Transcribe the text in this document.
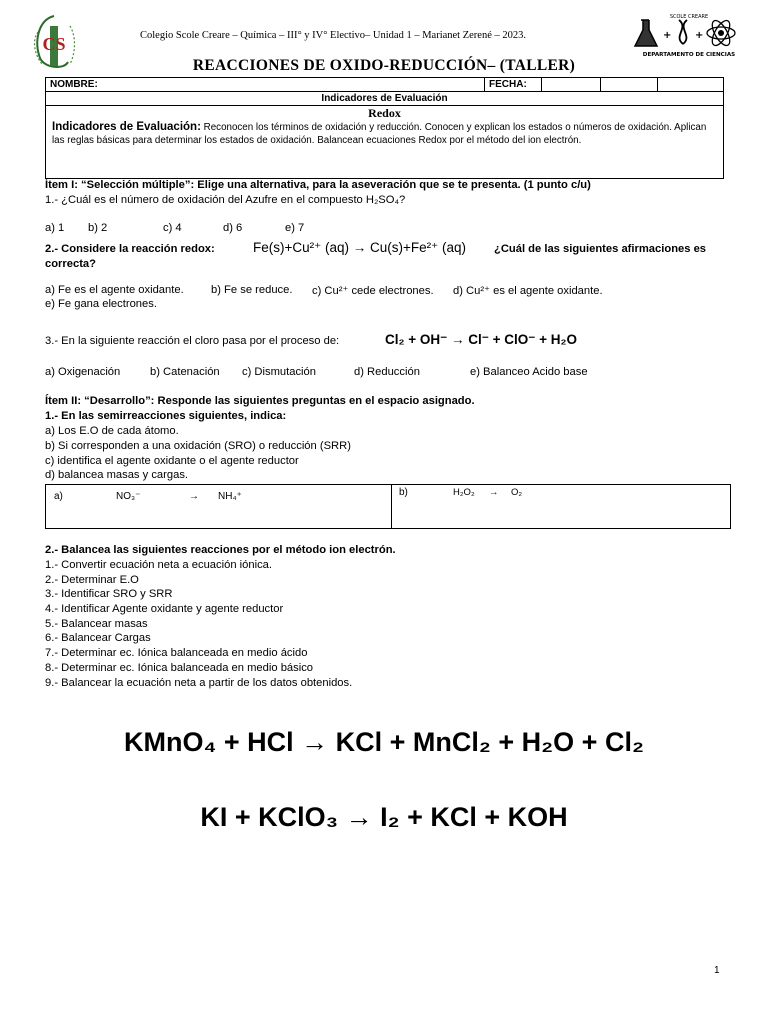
CS	Colegio Scole Creare – Química – III° y IV° Electivo– Unidad 1 – Marianet Zerené – 2023.
SCOLE CREARE
+ +
DEPARTAMENTO DE CIENCIAS
REACCIONES DE OXIDO-REDUCCIÓN– (TALLER)
NOMBRE:	FECHA:			
Indicadores de Evaluación
Redox
Indicadores de Evaluación: Reconocen los términos de oxidación y reducción. Conocen y explican los estados o números de oxidación. Aplican las reglas básicas para determinar los estados de oxidación. Balancean ecuaciones Redox por el método del ion electrón.
Ítem I: “Selección múltiple”: Elige una alternativa, para la aseveración que se te presenta. (1 punto c/u)
1.- ¿Cuál es el número de oxidación del Azufre en el compuesto H₂SO₄?
a) 1 b) 2	c) 4	d) 6	e) 7
2.- Considere la reacción redox:	Fe(s)+Cu²⁺ (aq) → Cu(s)+Fe²⁺ (aq) ¿Cuál de las siguientes afirmaciones es
correcta?
a) Fe es el agente oxidante. b) Fe se reduce. c) Cu²⁺ cede electrones. d) Cu²⁺ es el agente oxidante.
e) Fe gana electrones.
3.- En la siguiente reacción el cloro pasa por el proceso de:	Cl₂ + OH⁻ → Cl⁻ + ClO⁻ + H₂O
a) Oxigenación	b) Catenación c) Dismutación	d) Reducción	e) Balanceo Acido base
Ítem II: “Desarrollo”: Responde las siguientes preguntas en el espacio asignado.
1.- En las semirreacciones siguientes, indica:
a) Los E.O de cada átomo.
b) Si corresponden a una oxidación (SRO) o reducción (SRR)
c) identifica el agente oxidante o el agente reductor
d) balancea masas y cargas.
a)	NO₃⁻	→ NH₄⁺	b)	H₂O₂ → O₂
2.- Balancea las siguientes reacciones por el método ion electrón.
1.- Convertir ecuación neta a ecuación iónica.
2.- Determinar E.O
3.- Identificar SRO y SRR
4.- Identificar Agente oxidante y agente reductor
5.- Balancear masas
6.- Balancear Cargas
7.- Determinar ec. Iónica balanceada en medio ácido
8.- Determinar ec. Iónica balanceada en medio básico
9.- Balancear la ecuación neta a partir de los datos obtenidos.
KMnO₄ + HCl → KCl + MnCl₂ + H₂O + Cl₂
KI + KClO₃ → I₂ + KCl + KOH
1
